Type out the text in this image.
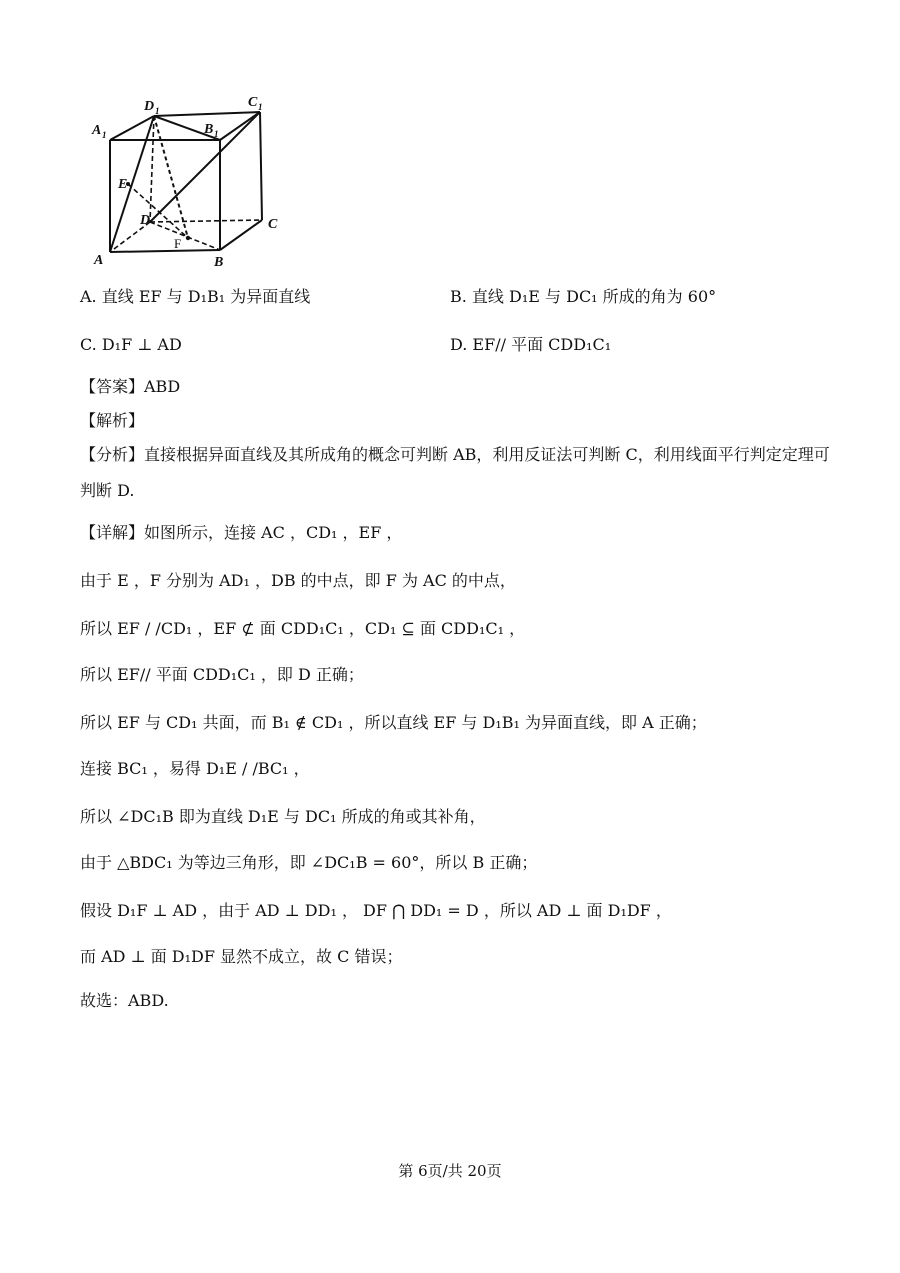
D 1
C 1
A 1	B 1
E
D	C
F
A	B
A. 直线 EF 与 D₁B₁ 为异面直线	B. 直线 D₁E 与 DC₁ 所成的角为 60°
C. D₁F ⊥ AD	D. EF// 平面 CDD₁C₁
【答案】ABD
【解析】
【分析】直接根据异面直线及其所成角的概念可判断 AB，利用反证法可判断 C，利用线面平行判定定理可
判断 D.
【详解】如图所示，连接 AC ，CD₁ ，EF ，
由于 E ，F 分别为 AD₁ ，DB 的中点，即 F 为 AC 的中点，
所以 EF / /CD₁ ，EF ⊄ 面 CDD₁C₁ ，CD₁ ⊆ 面 CDD₁C₁ ，
所以 EF// 平面 CDD₁C₁ ，即 D 正确；
所以 EF 与 CD₁ 共面，而 B₁ ∉ CD₁ ，所以直线 EF 与 D₁B₁ 为异面直线，即 A 正确；
连接 BC₁ ，易得 D₁E / /BC₁ ，
所以 ∠DC₁B 即为直线 D₁E 与 DC₁ 所成的角或其补角，
由于 △BDC₁ 为等边三角形，即 ∠DC₁B = 60°，所以 B 正确；
假设 D₁F ⊥ AD ，由于 AD ⊥ DD₁ ， DF ⋂ DD₁ = D ，所以 AD ⊥ 面 D₁DF ，
而 AD ⊥ 面 D₁DF 显然不成立，故 C 错误；
故选：ABD.
第 6页/共 20页
